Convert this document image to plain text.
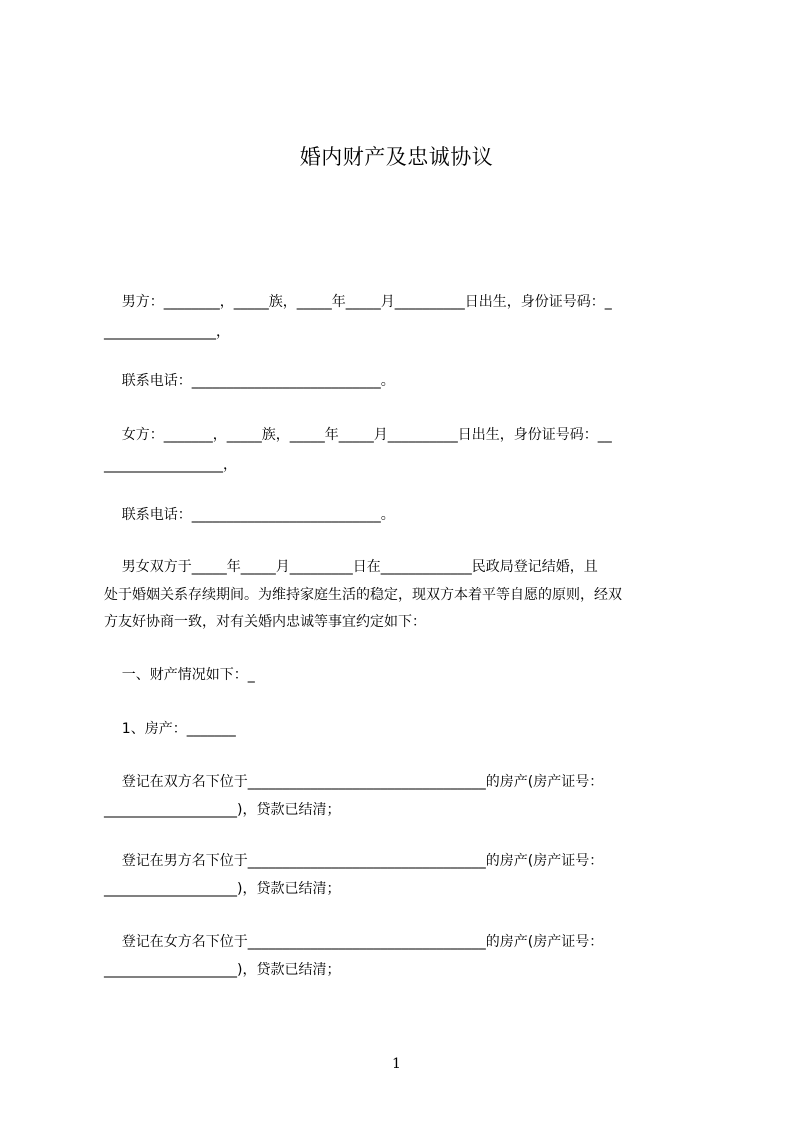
婚内财产及忠诚协议
男方：________，_____族，_____年_____月__________日出生，身份证号码：_
________________，
联系电话：___________________________。
女方：_______，_____族，_____年_____月__________日出生，身份证号码：__
_________________，
联系电话：___________________________。
男女双方于_____年_____月_________日在_____________民政局登记结婚，且
处于婚姻关系存续期间。为维持家庭生活的稳定，现双方本着平等自愿的原则，经双
方友好协商一致，对有关婚内忠诚等事宜约定如下：
一、财产情况如下：_
1、房产：_______
登记在双方名下位于__________________________________的房产(房产证号：
___________________)，贷款已结清；
登记在男方名下位于__________________________________的房产(房产证号：
___________________)，贷款已结清；
登记在女方名下位于__________________________________的房产(房产证号：
___________________)，贷款已结清；
1
